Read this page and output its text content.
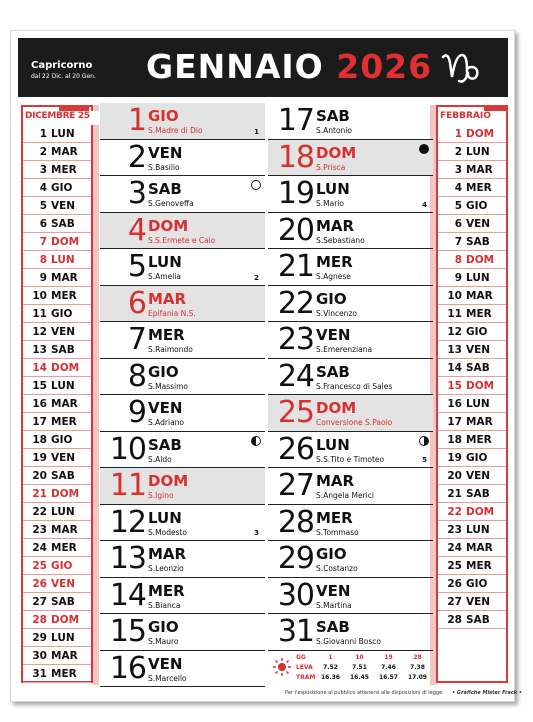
Capricorno
dal 22 Dic. al 20 Gen. GENNAIO 2026
DICEMBRE 25
1 LUN
2 MAR
3 MER
4 GIO
5 VEN
6 SAB
7 DOM
8 LUN
9 MAR
10 MER
11 GIO
12 VEN
13 SAB
14 DOM
15 LUN
16 MAR
17 MER
18 GIO
19 VEN
20 SAB
21 DOM
22 LUN
23 MAR
24 MER
25 GIO
26 VEN
27 SAB
28 DOM
29 LUN
30 MAR
31 MER
FEBBRAIO
1 DOM
2 LUN
3 MAR
4 MER
5 GIO
6 VEN
7 SAB
8 DOM
9 LUN
10 MAR
11 MER
12 GIO
13 VEN
14 SAB
15 DOM
16 LUN
17 MAR
18 MER
19 GIO
20 VEN
21 SAB
22 DOM
23 LUN
24 MAR
25 MER
26 GIO
27 VEN
28 SAB
1 GIO
S.Madre di Dio	1
2 VEN
S.Basilio
3 SAB
S.Genoveffa
4 DOM
S.S.Ermete e Caio
5 LUN
S.Amelia	2
6 MAR
Epifania N.S.
7 MER
S.Raimondo
8 GIO
S.Massimo
9 VEN
S.Adriano
10 SAB
S.Aldo
11 DOM
S.Igino
12 LUN
S.Modesto	3
13 MAR
S.Leonzio
14 MER
S.Bianca
15 GIO
S.Mauro
16 VEN
S.Marcello
17 SAB
S.Antonio
18 DOM
S.Prisca
19 LUN
S.Mario	4
20 MAR
S.Sebastiano
21 MER
S.Agnese
22 GIO
S.Vincenzo
23 VEN
S.Emerenziana
24 SAB
S.Francesco di Sales
25 DOM
Conversione S.Paolo
26 LUN
S.S.Tito e Timoteo	5
27 MAR
S.Angela Merici
28 MER
S.Tommaso
29 GIO
S.Costanzo
30 VEN
S.Martina
31 SAB
S.Giovanni Bosco
GG	1	10	19	28
LEVA 7.52 7.51 7.46 7.38
TRAM 16.36 16.45 16.57 17.09
Per l'esposizione al pubblico attenersi alle disposizioni di legge • Grafiche Mister Frack •
